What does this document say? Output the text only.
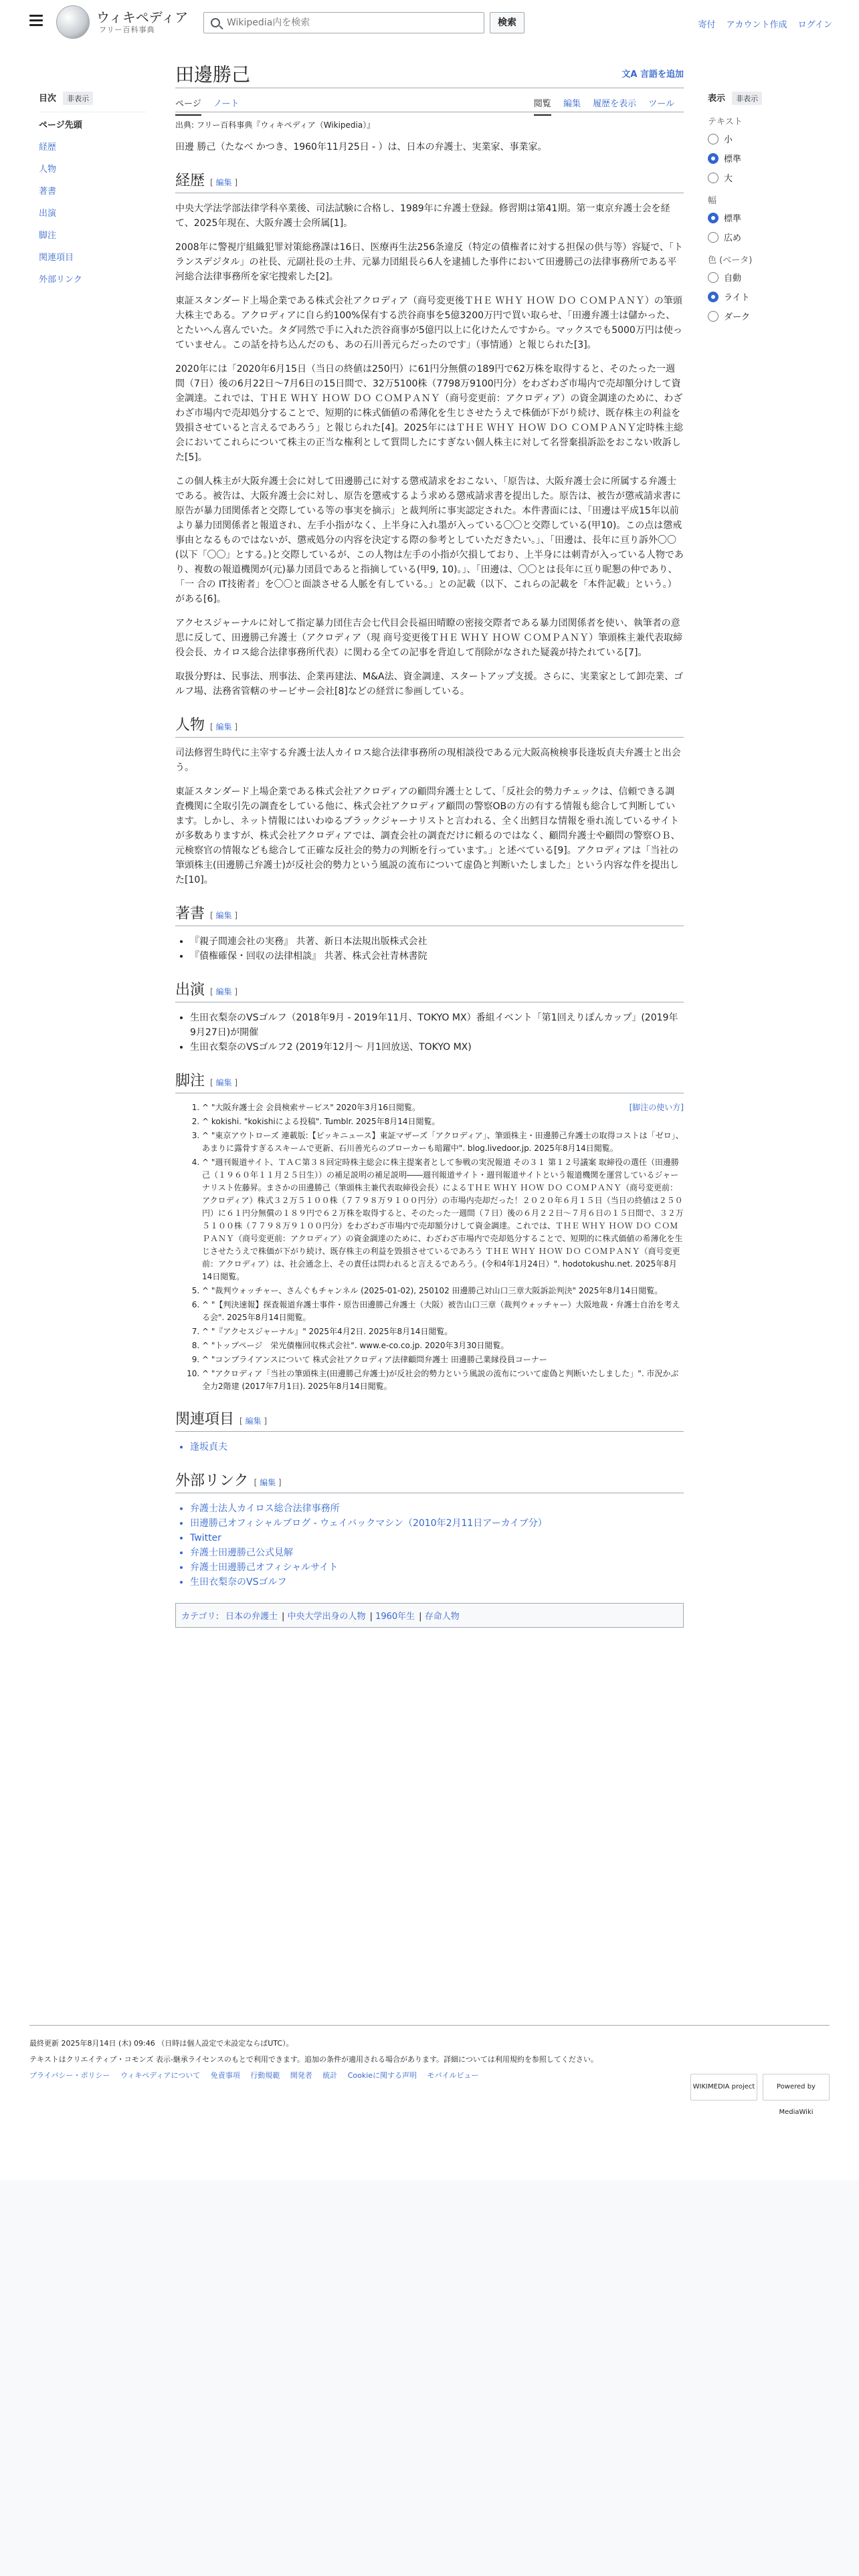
ウィキペディア
フリー百科事典
Wikipedia内を検索
検索	寄付 アカウント作成 ログイン
目次 非表示
ページ先頭
経歴
人物
著書
出演
脚注
関連項目
外部リンク
表示 非表示
テキスト
小
標準
大
幅
標準
広め
色 (ベータ)
自動
ライト
ダーク
田邊勝己	文A 言語を追加
ページ ノート	閲覧 編集 履歴を表示 ツール
出典: フリー百科事典『ウィキペディア（Wikipedia）』

田邊 勝己（たなべ かつき、1960年11月25日 - ）は、日本の弁護士、実業家、事業家。

経歴 [ 編集 ]

中央大学法学部法律学科卒業後、司法試験に合格し、1989年に弁護士登録。修習期は第41期。第一東京弁護士会を経て、2025年現在、大阪弁護士会所属[1]。

2008年に警視庁組織犯罪対策総務課は16日、医療再生法256条違反（特定の債権者に対する担保の供与等）容疑で、「トランスデジタル」の社長、元副社長の土井、元暴力団組長ら6人を逮捕した事件において田邊勝己の法律事務所である平河総合法律事務所を家宅捜索した[2]。

東証スタンダード上場企業である株式会社アクロディア（商号変更後ＴＨＥ ＷＨＹ ＨＯＷ ＤＯ ＣＯＭＰＡＮＹ）の筆頭大株主である。アクロディアに自ら約100%保有する渋谷商事を5億3200万円で買い取らせ、「田邊弁護士は儲かった、とたいへん喜んでいた。タダ同然で手に入れた渋谷商事が5億円以上に化けたんですから。マックスでも5000万円は使っていません。この話を持ち込んだのも、あの石川善元らだったのです」（事情通）と報じられた[3]。

2020年には「2020年6月15日（当日の終値は250円）に61円分無償の189円で62万株を取得すると、そのたった一週間（7日）後の6月22日〜7月6日の15日間で、32万5100株（7798万9100円分）をわざわざ市場内で売却額分けして資金調達。これでは、ＴＨＥ ＷＨＹ ＨＯＷ ＤＯ ＣＯＭＰＡＮＹ（商号変更前：アクロディア）の資金調達のために、わざわざ市場内で売却処分することで、短期的に株式価値の希薄化を生じさせたうえで株価が下がり続け、既存株主の利益を毀損させていると言えるであろう」と報じられた[4]。2025年にはＴＨＥ ＷＨＹ ＨＯＷ ＤＯ ＣＯＭＰＡＮＹ定時株主総会においてこれらについて株主の正当な権利として質問したにすぎない個人株主に対して名誉棄損訴訟をおこない敗訴した[5]。

この個人株主が大阪弁護士会に対して田邊勝己に対する懲戒請求をおこない、「原告は、大阪弁護士会に所属する弁護士である。被告は、大阪弁護士会に対し、原告を懲戒するよう求める懲戒請求書を提出した。原告は、被告が懲戒請求書に原告が暴力団関係者と交際している等の事実を摘示」と裁判所に事実認定された。本件書面には、「田邊は平成15年以前より暴力団関係者と報道され、左手小指がなく、上半身に入れ墨が入っている〇〇と交際している(甲10)。この点は懲戒事由となるものではないが、懲戒処分の内容を決定する際の参考としていただきたい。」、「田邊は、長年に亘り訴外〇〇(以下「〇〇」とする。)と交際しているが、この人物は左手の小指が欠損しており、上半身には刺青が入っている人物であり、複数の報道機関が(元)暴力団員であると指摘している(甲9, 10)。」、「田邊は、〇〇とは長年に亘り昵懇の仲であり、「一 合の IT技術者」を〇〇と面談させる人脈を有している。」との記載（以下、これらの記載を「本件記載」という。）がある[6]。

アクセスジャーナルに対して指定暴力団住吉会七代目会長福田晴瞭の密接交際者である暴力団関係者を使い、執筆者の意思に反して、田邊勝己弁護士（アクロディア（現 商号変更後ＴＨＥ ＷＨＹ ＨＯＷ ＣＯＭＰＡＮＹ）筆頭株主兼代表取締役会長、カイロス総合法律事務所代表）に関わる全ての記事を背迫して削除がなされた疑義が持たれている[7]。

取扱分野は、民事法、刑事法、企業再建法、M&A法、資金調達、スタートアップ支援。さらに、実業家として卸売業、ゴルフ場、法務省管轄のサービサー会社[8]などの経営に参画している。

人物 [ 編集 ]

司法修習生時代に主宰する弁護士法人カイロス総合法律事務所の現相談役である元大阪高検検事長逢坂貞夫弁護士と出会う。

東証スタンダード上場企業である株式会社アクロディアの顧問弁護士として、「反社会的勢力チェックは、信頼できる調査機関に全取引先の調査をしている他に、株式会社アクロディア顧問の警察OBの方の有する情報も総合して判断しています。しかし、ネット情報にはいわゆるブラックジャーナリストと言われる、全く出鱈目な情報を垂れ流しているサイトが多数ありますが、株式会社アクロディアでは、調査会社の調査だけに頼るのではなく、顧問弁護士や顧問の警察ＯＢ、元検察官の情報なども総合して正確な反社会的勢力の判断を行っています。」と述べている[9]。アクロディアは「当社の筆頭株主(田邊勝己弁護士)が反社会的勢力という風説の流布について虚偽と判断いたしました」という内容な件を提出した[10]。

著書 [ 編集 ]
• 『親子間連会社の実務』 共著、新日本法規出版株式会社
• 『債権確保・回収の法律相談』 共著、株式会社青林書院
出演 [ 編集 ]
• 生田衣梨奈のVSゴルフ（2018年9月 - 2019年11月、TOKYO MX）番組イベント「第1回えりぽんカップ」(2019年9月27日)が開催
• 生田衣梨奈のVSゴルフ2 (2019年12月〜 月1回放送、TOKYO MX)
脚注 [ 編集 ]
[脚注の使い方]
1. ^ "大阪弁護士会 会員検索サービス" 2020年3月16日閲覧。
2. ^ kokishi. "kokishiによる投稿". Tumblr. 2025年8月14日閲覧。
3. ^ "東京アウトローズ 連載版:【ビッキニュース】東証マザーズ「アクロディア」、筆頭株主・田邊勝己弁護士の取得コストは「ゼロ」、あまりに露骨すぎるスキームで更新、石川善光らのブローカーも暗躍中". blog.livedoor.jp. 2025年8月14日閲覧。
4. ^ "週刊報道サイト、ＴＡＣ第３８回定時株主総会に株主提案者として参戦の実況報道 その３１ 第１２号議案 取締役の選任（田邊勝己（１９６０年１１月２５日生））の補足説明の補足説明――週刊報道サイト・週刊報道サイトという報道機関を運営しているジャーナリスト佐藤昇。まさかの田邊勝己（筆頭株主兼代表取締役会長）によるＴＨＥ ＷＨＹ ＨＯＷ ＤＯ ＣＯＭＰＡＮＹ（商号変更前：アクロディア）株式３２万５１００株（７７９８万９１００円分）の市場内売却だった！２０２０年６月１５日（当日の終値は２５０円）に６１円分無償の１８９円で６２万株を取得すると、そのたった一週間（７日）後の６月２２日〜７月６日の１５日間で、３２万５１００株（７７９８万９１００円分）をわざわざ市場内で売却額分けして資金調達。これでは、ＴＨＥ ＷＨＹ ＨＯＷ ＤＯ ＣＯＭＰＡＮＹ（商号変更前：アクロディア）の資金調達のために、わざわざ市場内で売却処分することで、短期的に株式価値の希薄化を生じさせたうえで株価が下がり続け、既存株主の利益を毀損させているであろう ＴＨＥ ＷＨＹ ＨＯＷ ＤＯ ＣＯＭＰＡＮＹ（商号変更前：アクロディア）は、社会通念上、その責任は問われると言えるであろう。(令和4年1月24日）". hodotokushu.net. 2025年8月14日閲覧。
5. ^ "裁判ウォッチャー、さんぐもチャンネル (2025-01-02), 250102 田邊勝己対山口三章大阪訴訟判決" 2025年8月14日閲覧。
6. ^ "【判決速報】探査報道弁護士事件・原告田邊勝己弁護士（大阪）被告山口三章（裁判ウォッチャー）大阪地裁・弁護士自治を考える会". 2025年8月14日閲覧。
7. ^ "『アクセスジャーナル』" 2025年4月2日. 2025年8月14日閲覧。
8. ^ "トップページ　栄光債権回収株式会社". www.e-co.co.jp. 2020年3月30日閲覧。
9. ^ "コンプライアンスについて 株式会社アクロディア法律顧問弁護士 田邊勝己業縁役員コーナー
10. ^ "アクロディア「当社の筆頭株主(田邊勝己弁護士)が反社会的勢力という風説の流布について虚偽と判断いたしました」". 市況かぶ全力2階建 (2017年7月1日). 2025年8月14日閲覧。
関連項目 [ 編集 ]
• 逢坂貞夫
外部リンク [ 編集 ]
• 弁護士法人カイロス総合法律事務所
• 田邊勝己オフィシャルブログ - ウェイバックマシン（2010年2月11日アーカイブ分）
• Twitter
• 弁護士田邊勝己公式見解
• 弁護士田邊勝己オフィシャルサイト
• 生田衣梨奈のVSゴルフ
カテゴリ: 日本の弁護士 | 中央大学出身の人物 | 1960年生 | 存命人物
最終更新 2025年8月14日 (木) 09:46 （日時は個人設定で未設定ならばUTC）。
テキストはクリエイティブ・コモンズ 表示-継承ライセンスのもとで利用できます。追加の条件が適用される場合があります。詳細については利用規約を参照してください。
プライバシー・ポリシー ウィキペディアについて 免責事項 行動規範 開発者 統計 Cookieに関する声明 モバイルビュー
WIKIMEDIA project	Powered by MediaWiki
